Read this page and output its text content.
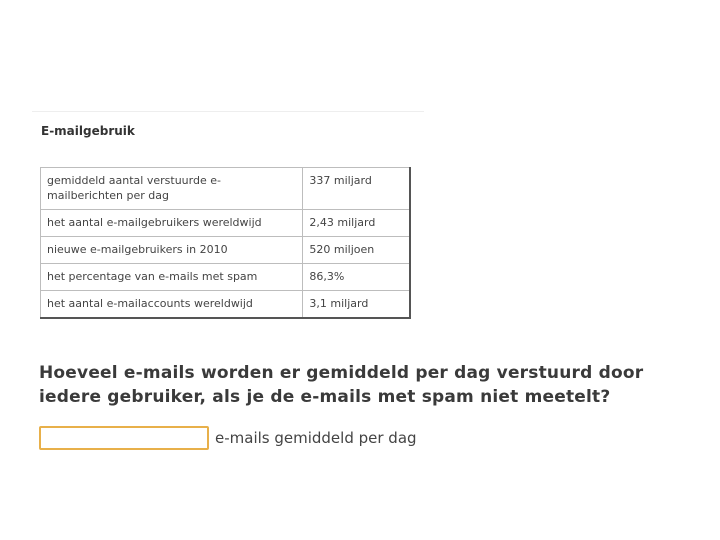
E-mailgebruik
gemiddeld aantal verstuurde e-mailberichten per dag	337 miljard
het aantal e-mailgebruikers wereldwijd	2,43 miljard
nieuwe e-mailgebruikers in 2010	520 miljoen
het percentage van e-mails met spam	86,3%
het aantal e-mailaccounts wereldwijd	3,1 miljard

Hoeveel e-mails worden er gemiddeld per dag verstuurd door iedere gebruiker, als je de e-mails met spam niet meetelt?

e-mails gemiddeld per dag
